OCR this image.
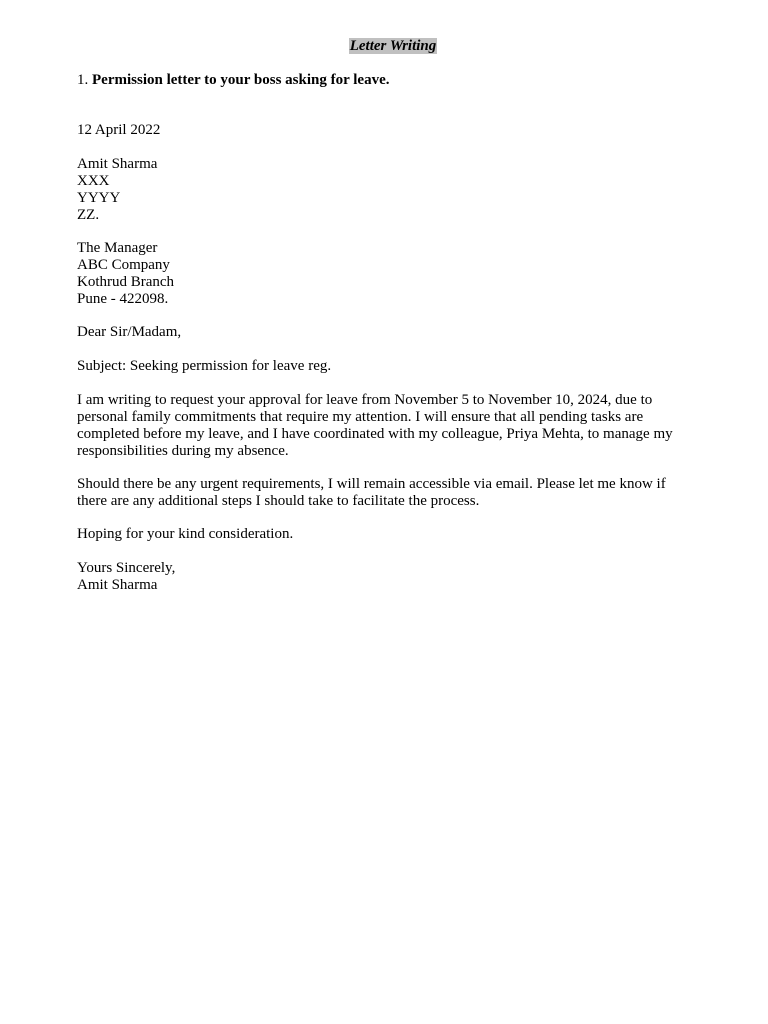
Letter Writing
1. Permission letter to your boss asking for leave.
12 April 2022
Amit Sharma
XXX
YYYY
ZZ.
The Manager
ABC Company
Kothrud Branch
Pune - 422098.
Dear Sir/Madam,
Subject: Seeking permission for leave reg.
I am writing to request your approval for leave from November 5 to November 10, 2024, due to
personal family commitments that require my attention. I will ensure that all pending tasks are
completed before my leave, and I have coordinated with my colleague, Priya Mehta, to manage my
responsibilities during my absence.
Should there be any urgent requirements, I will remain accessible via email. Please let me know if
there are any additional steps I should take to facilitate the process.
Hoping for your kind consideration.
Yours Sincerely,
Amit Sharma
